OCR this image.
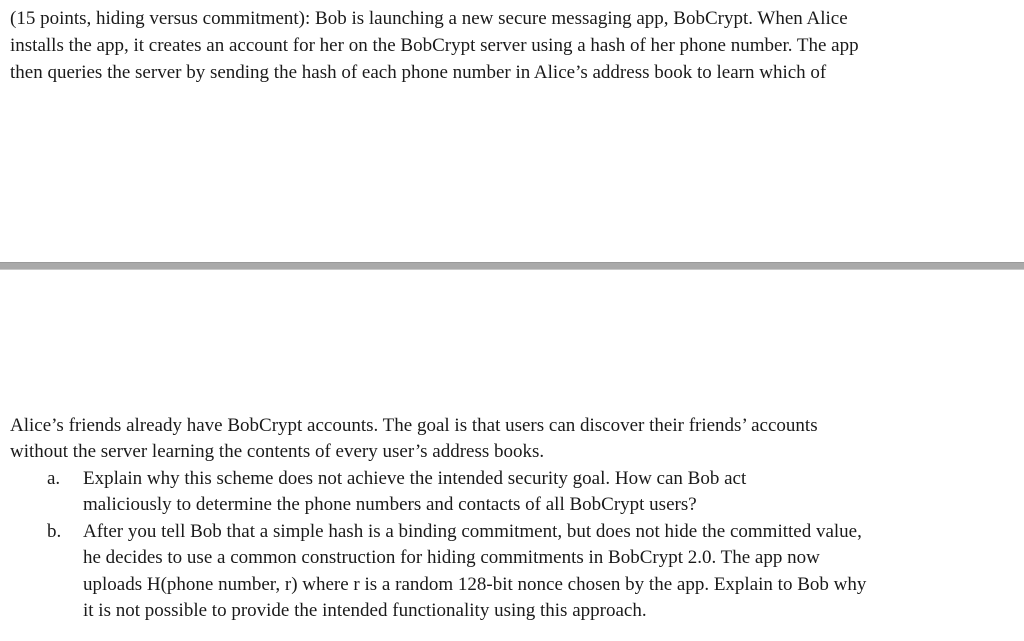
(15 points, hiding versus commitment): Bob is launching a new secure messaging app, BobCrypt. When Alice
installs the app, it creates an account for her on the BobCrypt server using a hash of her phone number. The app
then queries the server by sending the hash of each phone number in Alice’s address book to learn which of
Alice’s friends already have BobCrypt accounts. The goal is that users can discover their friends’ accounts
without the server learning the contents of every user’s address books.
a. Explain why this scheme does not achieve the intended security goal. How can Bob act
maliciously to determine the phone numbers and contacts of all BobCrypt users?
b. After you tell Bob that a simple hash is a binding commitment, but does not hide the committed value,
he decides to use a common construction for hiding commitments in BobCrypt 2.0. The app now
uploads H(phone number, r) where r is a random 128-bit nonce chosen by the app. Explain to Bob why
it is not possible to provide the intended functionality using this approach.
